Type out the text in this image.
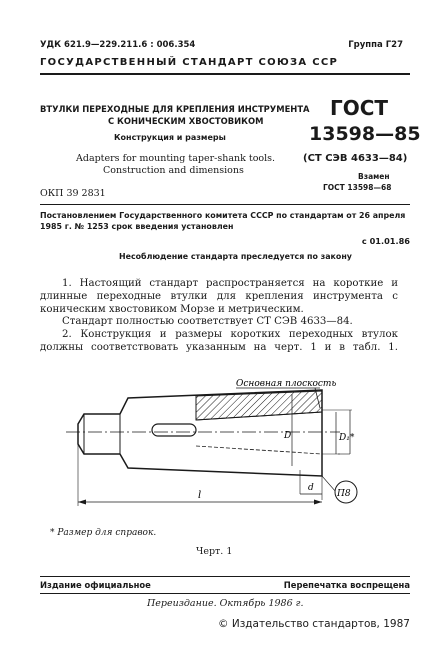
УДК 621.9—229.211.6 : 006.354	Группа Г27
ГОСУДАРСТВЕННЫЙ СТАНДАРТ СОЮЗА ССР
ВТУЛКИ ПЕРЕХОДНЫЕ ДЛЯ КРЕПЛЕНИЯ ИНСТРУМЕНТА
С КОНИЧЕСКИМ ХВОСТОВИКОМ
Конструкция и размеры
Adapters for mounting taper-shank tools.
Construction and dimensions
ОКП 39 2831
ГОСТ
13598—85
(СТ СЭВ 4633—84)
Взамен
ГОСТ 13598—68
Постановлением Государственного комитета СССР по стандартам от 26 апреля
1985 г. № 1253 срок введения установлен
с 01.01.86
Несоблюдение стандарта преследуется по закону

1. Настоящий стандарт распространяется на короткие и длинные переходные втулки для крепления инструмента с коническим хвостовиком Морзе и метрическим.

Стандарт полностью соответствует СТ СЭВ 4633—84.

2. Конструкция и размеры коротких переходных втулок должны соответствовать указанным на черт. 1 и в табл. 1.

Основная плоскость
D	D₁*
d
l	П8
* Размер для справок.
Черт. 1
Издание официальное	Перепечатка воспрещена
Переиздание. Октябрь 1986 г.
© Издательство стандартов, 1987
